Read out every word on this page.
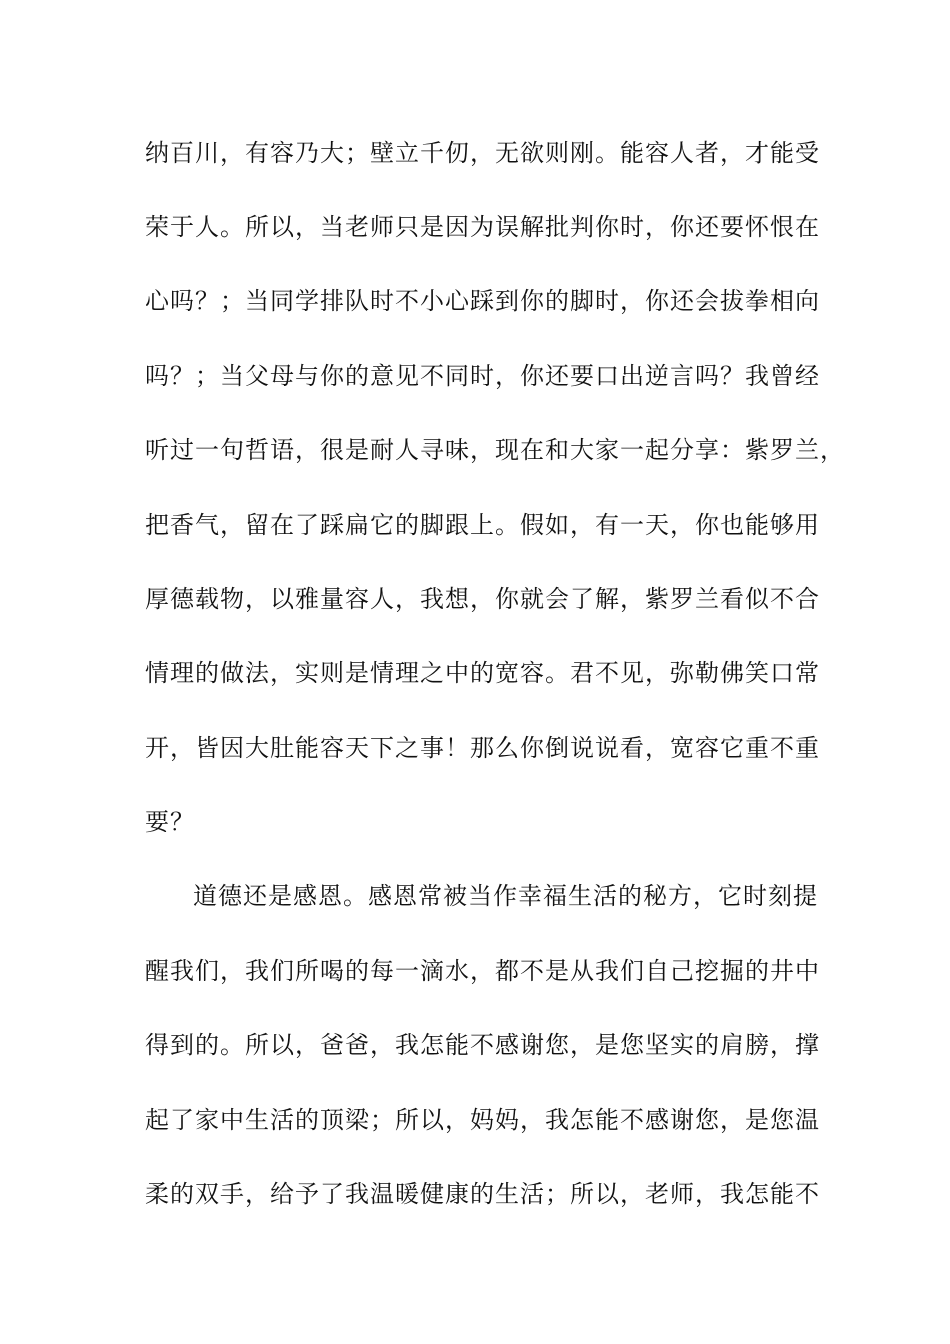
纳百川，有容乃大；壁立千仞，无欲则刚。能容人者，才能受
荣于人。所以，当老师只是因为误解批判你时，你还要怀恨在
心吗？；当同学排队时不小心踩到你的脚时，你还会拔拳相向
吗？；当父母与你的意见不同时，你还要口出逆言吗？我曾经
听过一句哲语，很是耐人寻味，现在和大家一起分享：紫罗兰，
把香气，留在了踩扁它的脚跟上。假如，有一天，你也能够用
厚德载物，以雅量容人，我想，你就会了解，紫罗兰看似不合
情理的做法，实则是情理之中的宽容。君不见，弥勒佛笑口常
开，皆因大肚能容天下之事！那么你倒说说看，宽容它重不重
要？
道德还是感恩。感恩常被当作幸福生活的秘方，它时刻提
醒我们，我们所喝的每一滴水，都不是从我们自己挖掘的井中
得到的。所以，爸爸，我怎能不感谢您，是您坚实的肩膀，撑
起了家中生活的顶梁；所以，妈妈，我怎能不感谢您，是您温
柔的双手，给予了我温暖健康的生活；所以，老师，我怎能不
